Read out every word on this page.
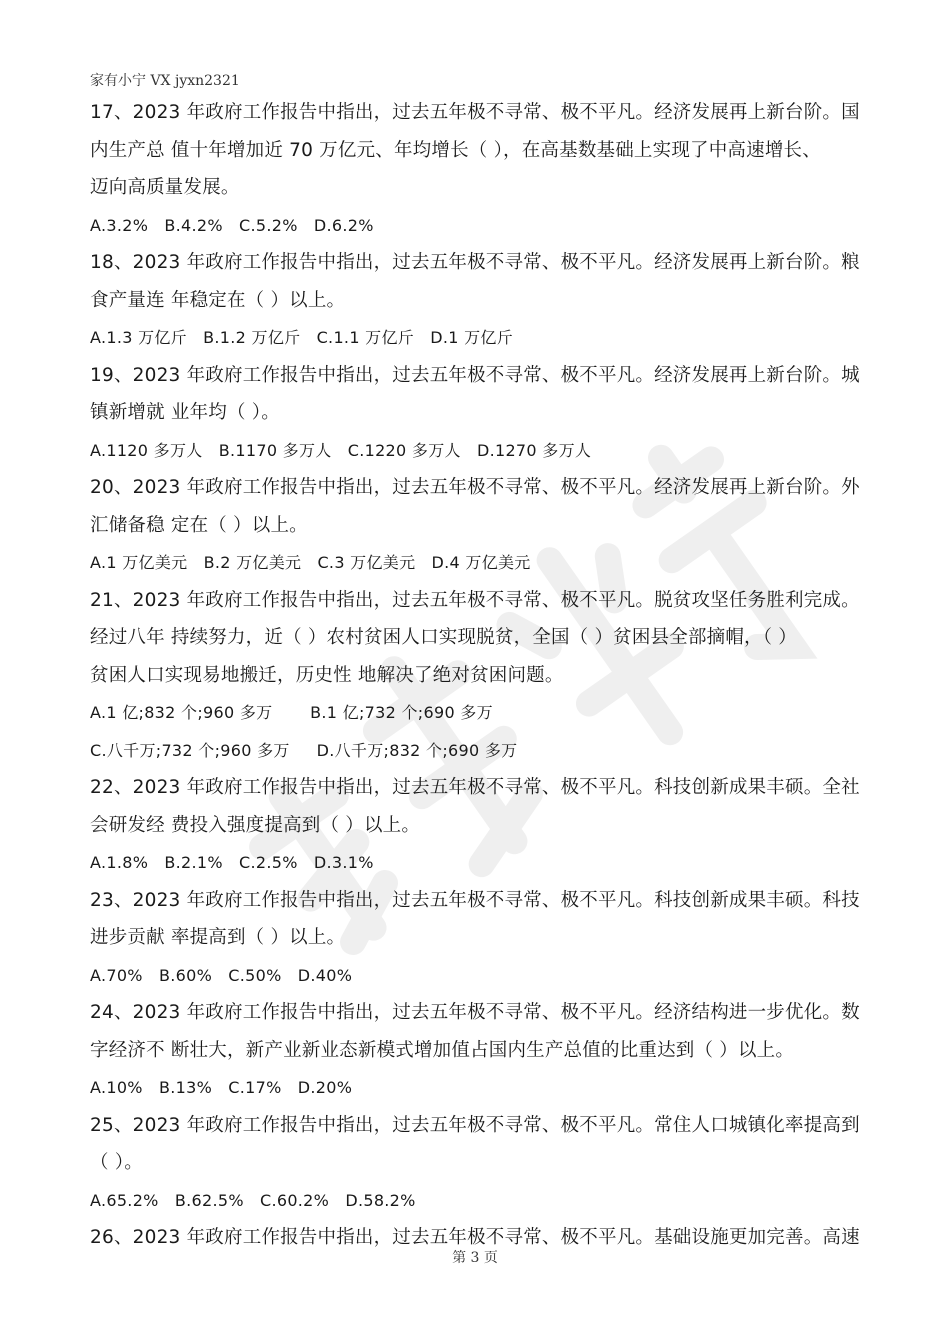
家有小宁 VX jyxn2321

17、2023 年政府工作报告中指出，过去五年极不寻常、极不平凡。经济发展再上新台阶。国

内生产总 值十年增加近 70 万亿元、年均增长（ ），在高基数基础上实现了中高速增长、

迈向高质量发展。

A.3.2%   B.4.2%   C.5.2%   D.6.2%

18、2023 年政府工作报告中指出，过去五年极不寻常、极不平凡。经济发展再上新台阶。粮

食产量连 年稳定在（ ）以上。

A.1.3 万亿斤   B.1.2 万亿斤   C.1.1 万亿斤   D.1 万亿斤

19、2023 年政府工作报告中指出，过去五年极不寻常、极不平凡。经济发展再上新台阶。城

镇新增就 业年均（ ）。

A.1120 多万人   B.1170 多万人   C.1220 多万人   D.1270 多万人

20、2023 年政府工作报告中指出，过去五年极不寻常、极不平凡。经济发展再上新台阶。外

汇储备稳 定在（ ）以上。

A.1 万亿美元   B.2 万亿美元   C.3 万亿美元   D.4 万亿美元

21、2023 年政府工作报告中指出，过去五年极不寻常、极不平凡。脱贫攻坚任务胜利完成。

经过八年 持续努力，近（ ）农村贫困人口实现脱贫，全国（ ）贫困县全部摘帽，（ ）

贫困人口实现易地搬迁，历史性 地解决了绝对贫困问题。

A.1 亿;832 个;960 多万       B.1 亿;732 个;690 多万

C.八千万;732 个;960 多万     D.八千万;832 个;690 多万

22、2023 年政府工作报告中指出，过去五年极不寻常、极不平凡。科技创新成果丰硕。全社

会研发经 费投入强度提高到（ ）以上。

A.1.8%   B.2.1%   C.2.5%   D.3.1%

23、2023 年政府工作报告中指出，过去五年极不寻常、极不平凡。科技创新成果丰硕。科技

进步贡献 率提高到（ ）以上。

A.70%   B.60%   C.50%   D.40%

24、2023 年政府工作报告中指出，过去五年极不寻常、极不平凡。经济结构进一步优化。数

字经济不 断壮大，新产业新业态新模式增加值占国内生产总值的比重达到（ ）以上。

A.10%   B.13%   C.17%   D.20%

25、2023 年政府工作报告中指出，过去五年极不寻常、极不平凡。常住人口城镇化率提高到

（ ）。

A.65.2%   B.62.5%   C.60.2%   D.58.2%

26、2023 年政府工作报告中指出，过去五年极不寻常、极不平凡。基础设施更加完善。高速

第 3 页
